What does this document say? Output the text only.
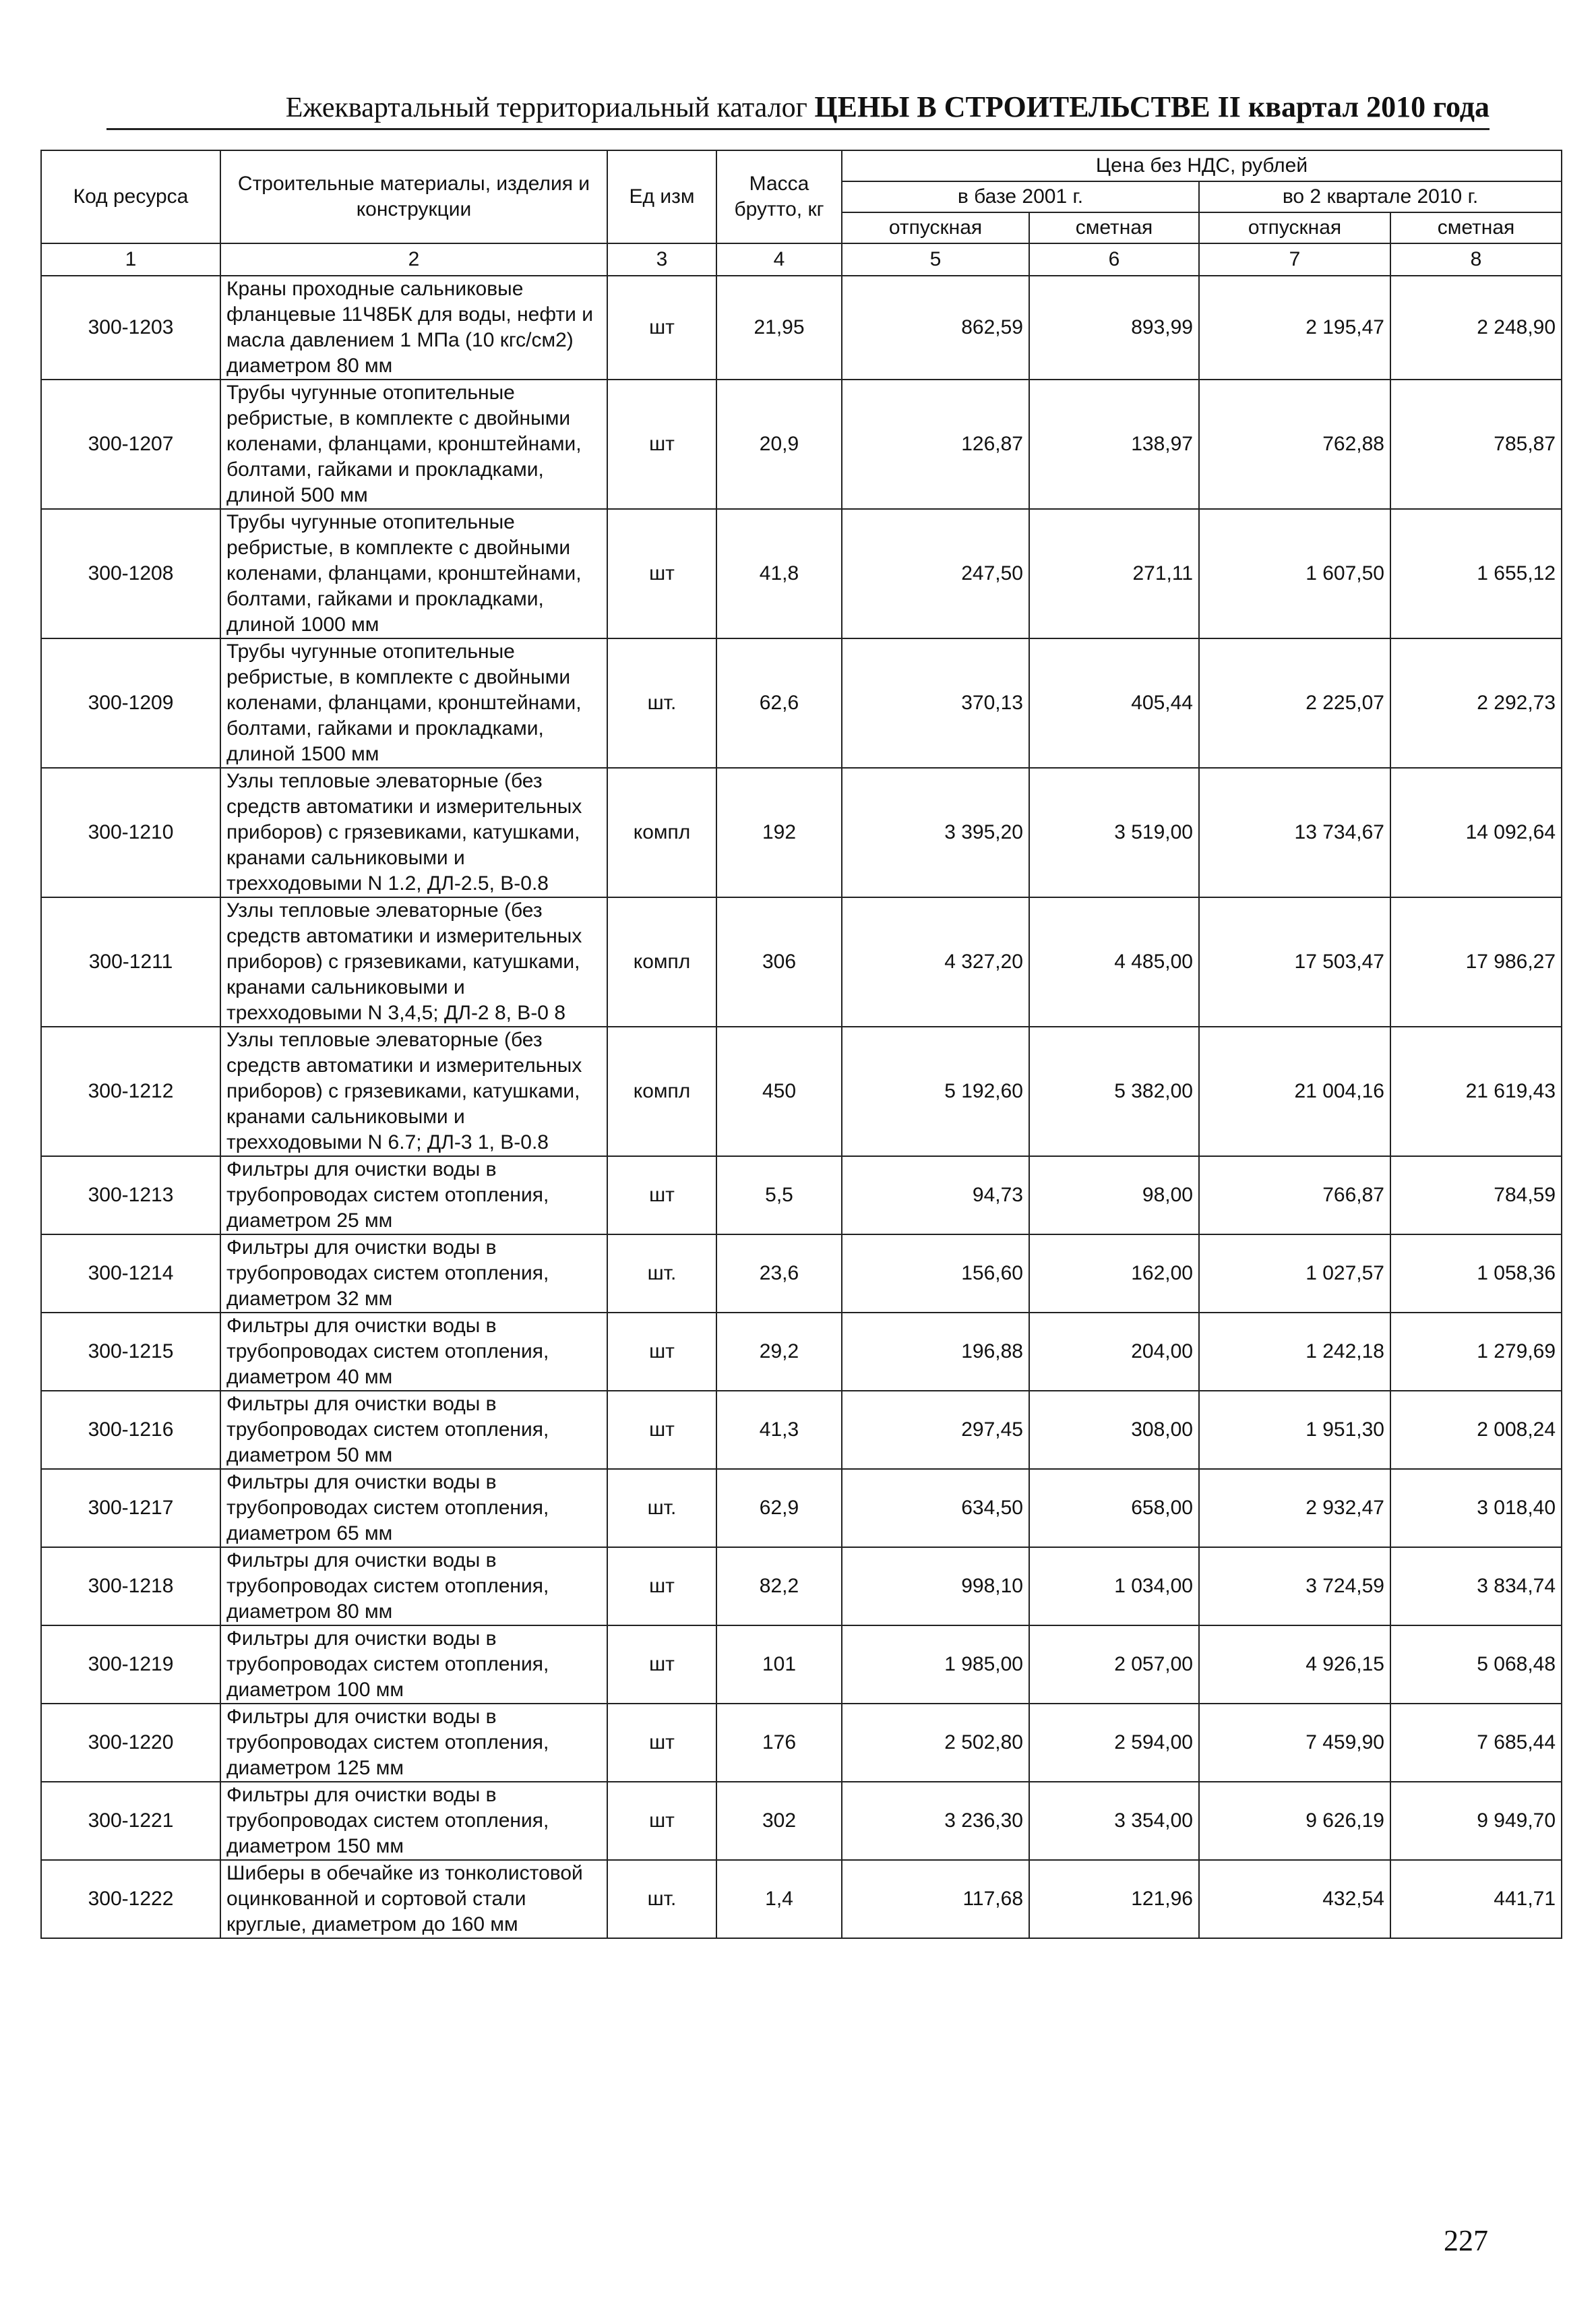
Ежеквартальный территориальный каталог ЦЕНЫ В СТРОИТЕЛЬСТВЕ II квартал 2010 года
Код ресурса	Строительные материалы, изделия и конструкции	Ед изм	Масса брутто, кг	Цена без НДС, рублей			
				в базе 2001 г.		во 2 квартале 2010 г.	
				отпускная	сметная	отпускная	сметная
1	2	3	4	5	6	7	8
300-1203	Краны проходные сальниковые фланцевые 11Ч8БК для воды, нефти и масла давлением 1 МПа (10 кгс/см2) диаметром 80 мм	шт	21,95	862,59	893,99	2 195,47	2 248,90
300-1207	Трубы чугунные отопительные ребристые, в комплекте с двойными коленами, фланцами, кронштейнами, болтами, гайками и прокладками, длиной 500 мм	шт	20,9	126,87	138,97	762,88	785,87
300-1208	Трубы чугунные отопительные ребристые, в комплекте с двойными коленами, фланцами, кронштейнами, болтами, гайками и прокладками, длиной 1000 мм	шт	41,8	247,50	271,11	1 607,50	1 655,12
300-1209	Трубы чугунные отопительные ребристые, в комплекте с двойными коленами, фланцами, кронштейнами, болтами, гайками и прокладками, длиной 1500 мм	шт.	62,6	370,13	405,44	2 225,07	2 292,73
300-1210	Узлы тепловые элеваторные (без средств автоматики и измерительных приборов) с грязевиками, катушками, кранами сальниковыми и трехходовыми N 1.2, ДЛ-2.5, В-0.8	компл	192	3 395,20	3 519,00	13 734,67	14 092,64
300-1211	Узлы тепловые элеваторные (без средств автоматики и измерительных приборов) с грязевиками, катушками, кранами сальниковыми и трехходовыми N 3,4,5; ДЛ-2 8, В-0 8	компл	306	4 327,20	4 485,00	17 503,47	17 986,27
300-1212	Узлы тепловые элеваторные (без средств автоматики и измерительных приборов) с грязевиками, катушками, кранами сальниковыми и трехходовыми N 6.7; ДЛ-3 1, В-0.8	компл	450	5 192,60	5 382,00	21 004,16	21 619,43
300-1213	Фильтры для очистки воды в трубопроводах систем отопления, диаметром 25 мм	шт	5,5	94,73	98,00	766,87	784,59
300-1214	Фильтры для очистки воды в трубопроводах систем отопления, диаметром 32 мм	шт.	23,6	156,60	162,00	1 027,57	1 058,36
300-1215	Фильтры для очистки воды в трубопроводах систем отопления, диаметром 40 мм	шт	29,2	196,88	204,00	1 242,18	1 279,69
300-1216	Фильтры для очистки воды в трубопроводах систем отопления, диаметром 50 мм	шт	41,3	297,45	308,00	1 951,30	2 008,24
300-1217	Фильтры для очистки воды в трубопроводах систем отопления, диаметром 65 мм	шт.	62,9	634,50	658,00	2 932,47	3 018,40
300-1218	Фильтры для очистки воды в трубопроводах систем отопления, диаметром 80 мм	шт	82,2	998,10	1 034,00	3 724,59	3 834,74
300-1219	Фильтры для очистки воды в трубопроводах систем отопления, диаметром 100 мм	шт	101	1 985,00	2 057,00	4 926,15	5 068,48
300-1220	Фильтры для очистки воды в трубопроводах систем отопления, диаметром 125 мм	шт	176	2 502,80	2 594,00	7 459,90	7 685,44
300-1221	Фильтры для очистки воды в трубопроводах систем отопления, диаметром 150 мм	шт	302	3 236,30	3 354,00	9 626,19	9 949,70
300-1222	Шиберы в обечайке из тонколистовой оцинкованной и сортовой стали круглые, диаметром до 160 мм	шт.	1,4	117,68	121,96	432,54	441,71
227
